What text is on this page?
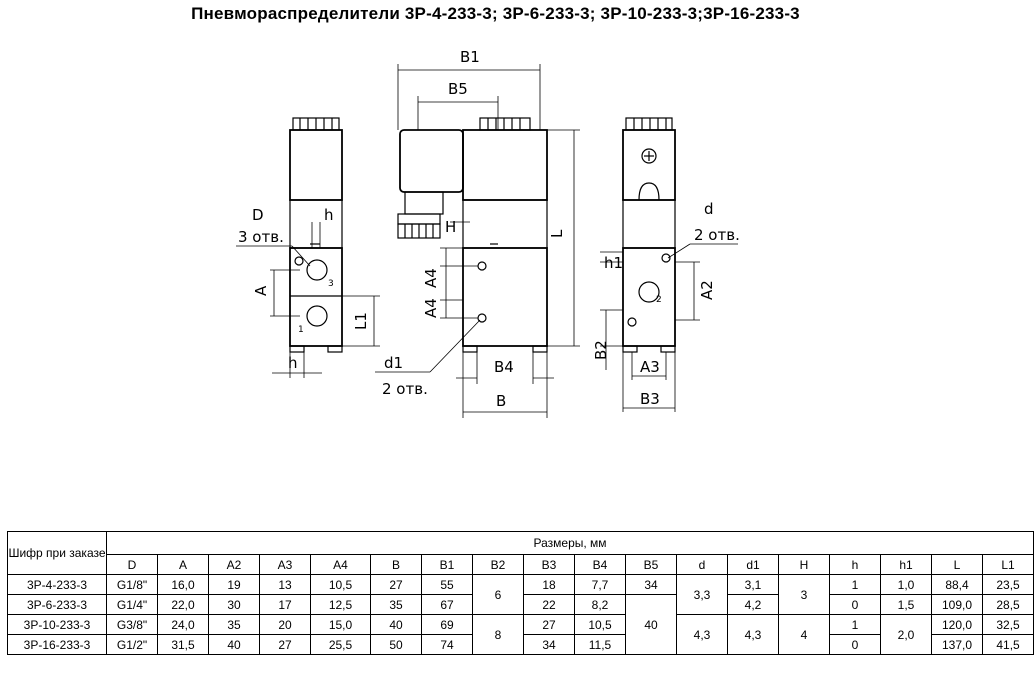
Пневмораспределители 3Р-4-233-3; 3Р-6-233-3; 3Р-10-233-3;3Р-16-233-3
B1
B5
L
D
3 отв.
h
H
A
L1
A4
A4
h	d1
2 отв.
B4
B
d
2 отв.
h1
A2
B2
A3
B3
1
2
3
Шифр при заказе	Размеры, мм																	
	D	A	A2	A3	A4	B	B1	B2	B3	B4	B5	d	d1	H	h	h1	L	L1
3Р-4-233-3	G1/8"	16,0	19	13	10,5	27	55	6	18	7,7	34	3,3	3,1	3	1	1,0	88,4	23,5
3Р-6-233-3	G1/4"	22,0	30	17	12,5	35	67		22	8,2	40		4,2		0	1,5	109,0	28,5
3Р-10-233-3	G3/8"	24,0	35	20	15,0	40	69	8	27	10,5		4,3	4,3	4	1	2,0	120,0	32,5
3Р-16-233-3	G1/2"	31,5	40	27	25,5	50	74		34	11,5					0		137,0	41,5
